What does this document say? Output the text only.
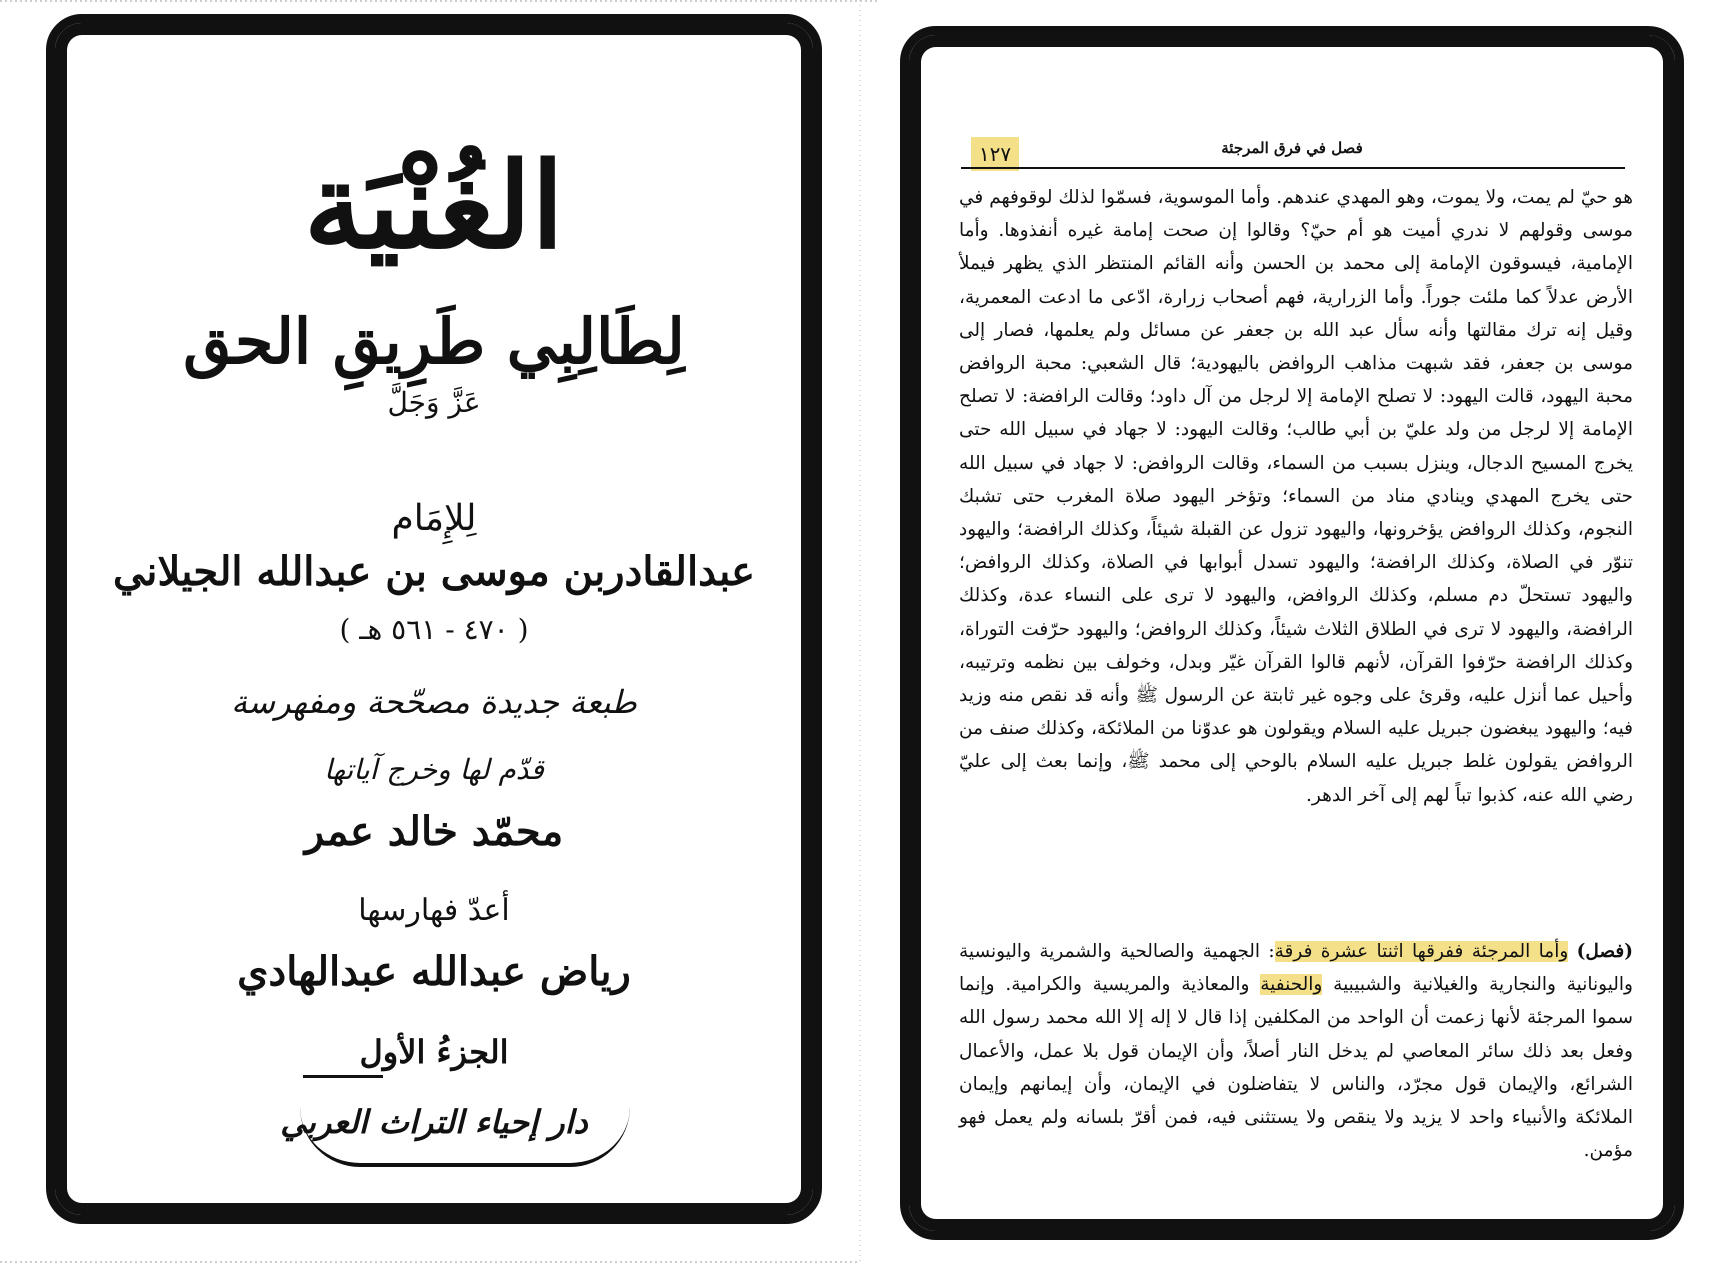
الغُنْيَة
لِطَالِبِي طَرِيقِ الحق
عَزَّ وَجَلَّ
لِلإِمَام
عبدالقادربن موسى بن عبدالله الجيلاني
( ٤٧٠ - ٥٦١ هـ )
طبعة جديدة مصحّحة ومفهرسة
قدّم لها وخرج آياتها
محمّد خالد عمر
أعدّ فهارسها
رياض عبدالله عبدالهادي
الجزءُ الأول
دار إحياء التراث العربي
١٢٧	فصل في فرق المرجئة

هو حيّ لم يمت، ولا يموت، وهو المهدي عندهم. وأما الموسوية، فسمّوا لذلك لوقوفهم في موسى وقولهم لا ندري أميت هو أم حيّ؟ وقالوا إن صحت إمامة غيره أنفذوها. وأما الإمامية، فيسوقون الإمامة إلى محمد بن الحسن وأنه القائم المنتظر الذي يظهر فيملأ الأرض عدلاً كما ملئت جوراً. وأما الزرارية، فهم أصحاب زرارة، ادّعى ما ادعت المعمرية، وقيل إنه ترك مقالتها وأنه سأل عبد الله بن جعفر عن مسائل ولم يعلمها، فصار إلى موسى بن جعفر، فقد شبهت مذاهب الروافض باليهودية؛ قال الشعبي: محبة الروافض محبة اليهود، قالت اليهود: لا تصلح الإمامة إلا لرجل من آل داود؛ وقالت الرافضة: لا تصلح الإمامة إلا لرجل من ولد عليّ بن أبي طالب؛ وقالت اليهود: لا جهاد في سبيل الله حتى يخرج المسيح الدجال، وينزل بسبب من السماء، وقالت الروافض: لا جهاد في سبيل الله حتى يخرج المهدي وينادي مناد من السماء؛ وتؤخر اليهود صلاة المغرب حتى تشبك النجوم، وكذلك الروافض يؤخرونها، واليهود تزول عن القبلة شيئاً، وكذلك الرافضة؛ واليهود تنوّر في الصلاة، وكذلك الرافضة؛ واليهود تسدل أبوابها في الصلاة، وكذلك الروافض؛ واليهود تستحلّ دم مسلم، وكذلك الروافض، واليهود لا ترى على النساء عدة، وكذلك الرافضة، واليهود لا ترى في الطلاق الثلاث شيئاً، وكذلك الروافض؛ واليهود حرّفت التوراة، وكذلك الرافضة حرّفوا القرآن، لأنهم قالوا القرآن غيّر وبدل، وخولف بين نظمه وترتيبه، وأحيل عما أنزل عليه، وقرئ على وجوه غير ثابتة عن الرسول ﷺ وأنه قد نقص منه وزيد فيه؛ واليهود يبغضون جبريل عليه السلام ويقولون هو عدوّنا من الملائكة، وكذلك صنف من الروافض يقولون غلط جبريل عليه السلام بالوحي إلى محمد ﷺ، وإنما بعث إلى عليّ رضي الله عنه، كذبوا تباً لهم إلى آخر الدهر.

(فصل) وأما المرجئة ففرقها اثنتا عشرة فرقة: الجهمية والصالحية والشمرية واليونسية واليونانية والنجارية والغيلانية والشبيبية والحنفية والمعاذية والمريسية والكرامية. وإنما سموا المرجئة لأنها زعمت أن الواحد من المكلفين إذا قال لا إله إلا الله محمد رسول الله وفعل بعد ذلك سائر المعاصي لم يدخل النار أصلاً، وأن الإيمان قول بلا عمل، والأعمال الشرائع، والإيمان قول مجرّد، والناس لا يتفاضلون في الإيمان، وأن إيمانهم وإيمان الملائكة والأنبياء واحد لا يزيد ولا ينقص ولا يستثنى فيه، فمن أقرّ بلسانه ولم يعمل فهو مؤمن.
